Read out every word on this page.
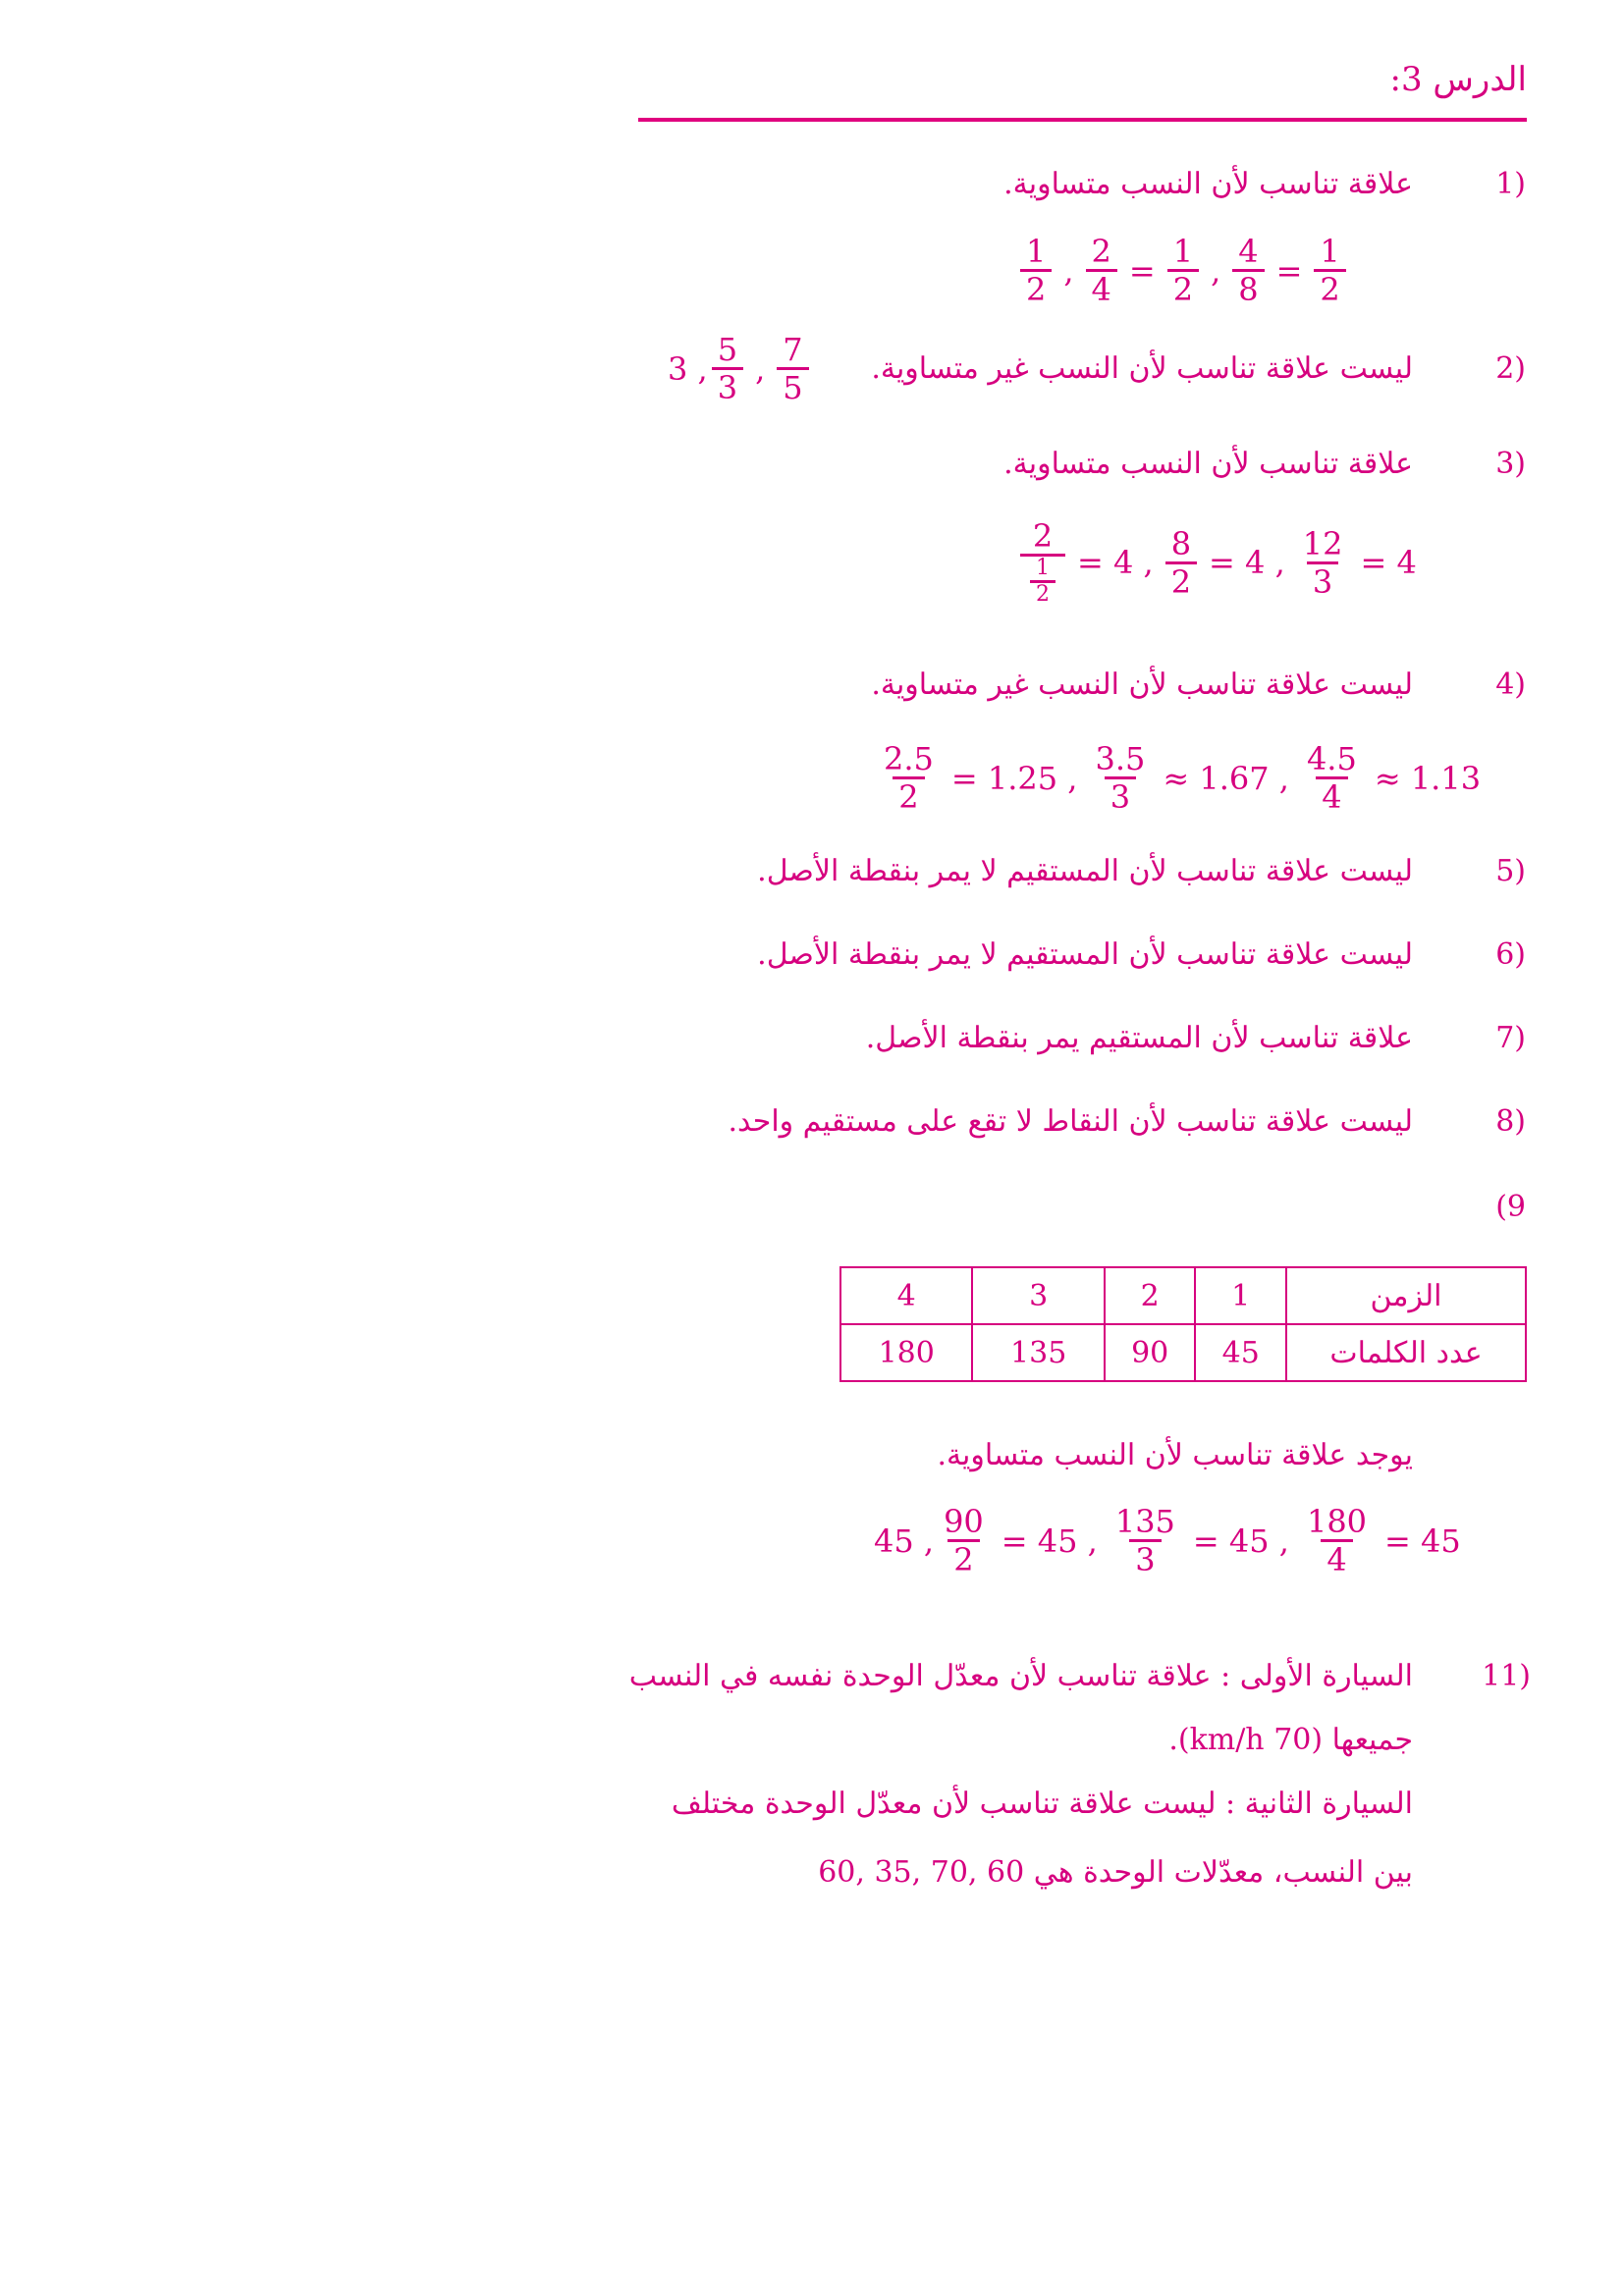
الدرس 3:
1)
علاقة تناسب لأن النسب متساوية.
$\frac{1}{2}$ , $\frac{2}{4} = \frac{1}{2}$ , $\frac{4}{8} = \frac{1}{2}$
2)
ليست علاقة تناسب لأن النسب غير متساوية.
3 , $\frac{5}{3}$ , $\frac{7}{5}$
3)
علاقة تناسب لأن النسب متساوية.
$\frac{2}{\frac{1}{2}} = 4$ , $\frac{8}{2} = 4$ , $\frac{12}{3} = 4$
4)
ليست علاقة تناسب لأن النسب غير متساوية.
$\frac{2.5}{2} = 1.25$ , $\frac{3.5}{3} \approx 1.67$ , $\frac{4.5}{4} \approx 1.13$
5)
ليست علاقة تناسب لأن المستقيم لا يمر بنقطة الأصل.
6)
ليست علاقة تناسب لأن المستقيم لا يمر بنقطة الأصل.
7)
علاقة تناسب لأن المستقيم يمر بنقطة الأصل.
8)
ليست علاقة تناسب لأن النقاط لا تقع على مستقيم واحد.
(9
الزمن	1	2	3	4
عدد الكلمات	45	90	135	180
يوجد علاقة تناسب لأن النسب متساوية.
45 , $\frac{90}{2} = 45$ , $\frac{135}{3} = 45$ , $\frac{180}{4} = 45$
11)
السيارة الأولى : علاقة تناسب لأن معدّل الوحدة نفسه في النسب
جميعها (70 km/h).
السيارة الثانية : ليست علاقة تناسب لأن معدّل الوحدة مختلف
بين النسب، معدّلات الوحدة هي 60 ,70 ,35 ,60
